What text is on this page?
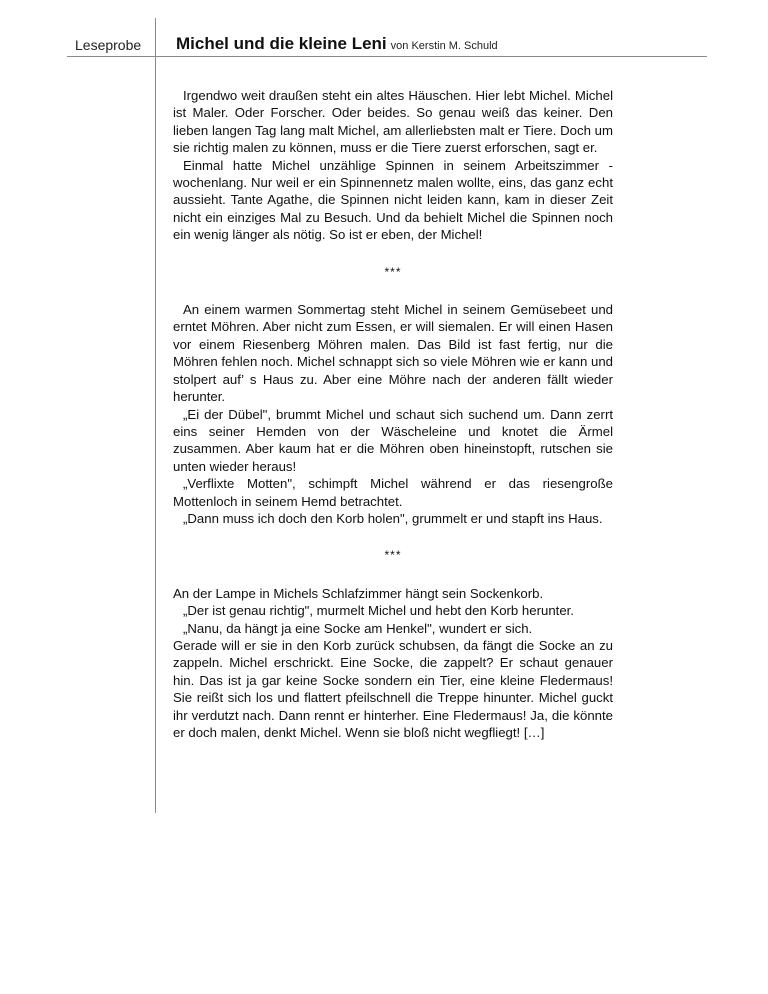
Leseprobe Michel und die kleine Leni von Kerstin M. Schuld

Irgendwo weit draußen steht ein altes Häuschen. Hier lebt Michel. Michel ist Maler. Oder Forscher. Oder beides. So genau weiß das keiner. Den lieben langen Tag lang malt Michel, am allerliebsten malt er Tiere. Doch um sie richtig malen zu können, muss er die Tiere zuerst erforschen, sagt er.

Einmal hatte Michel unzählige Spinnen in seinem Arbeitszimmer - wochenlang. Nur weil er ein Spinnennetz malen wollte, eins, das ganz echt aussieht. Tante Agathe, die Spinnen nicht leiden kann, kam in dieser Zeit nicht ein einziges Mal zu Besuch. Und da behielt Michel die Spinnen noch ein wenig länger als nötig. So ist er eben, der Michel!

***

An einem warmen Sommertag steht Michel in seinem Gemüsebeet und erntet Möhren. Aber nicht zum Essen, er will siemalen. Er will einen Hasen vor einem Riesenberg Möhren malen. Das Bild ist fast fertig, nur die Möhren fehlen noch. Michel schnappt sich so viele Möhren wie er kann und stolpert auf’ s Haus zu. Aber eine Möhre nach der anderen fällt wieder herunter.

„Ei der Dübel", brummt Michel und schaut sich suchend um. Dann zerrt eins seiner Hemden von der Wäscheleine und knotet die Ärmel zusammen. Aber kaum hat er die Möhren oben hineinstopft, rutschen sie unten wieder heraus!

„Verflixte Motten", schimpft Michel während er das riesengroße Mottenloch in seinem Hemd betrachtet.

„Dann muss ich doch den Korb holen", grummelt er und stapft ins Haus.

***

An der Lampe in Michels Schlafzimmer hängt sein Sockenkorb.

„Der ist genau richtig", murmelt Michel und hebt den Korb herunter.

„Nanu, da hängt ja eine Socke am Henkel", wundert er sich.

Gerade will er sie in den Korb zurück schubsen, da fängt die Socke an zu zappeln. Michel erschrickt. Eine Socke, die zappelt? Er schaut genauer hin. Das ist ja gar keine Socke sondern ein Tier, eine kleine Fledermaus! Sie reißt sich los und flattert pfeilschnell die Treppe hinunter. Michel guckt ihr verdutzt nach. Dann rennt er hinterher. Eine Fledermaus! Ja, die könnte er doch malen, denkt Michel. Wenn sie bloß nicht wegfliegt! […]
